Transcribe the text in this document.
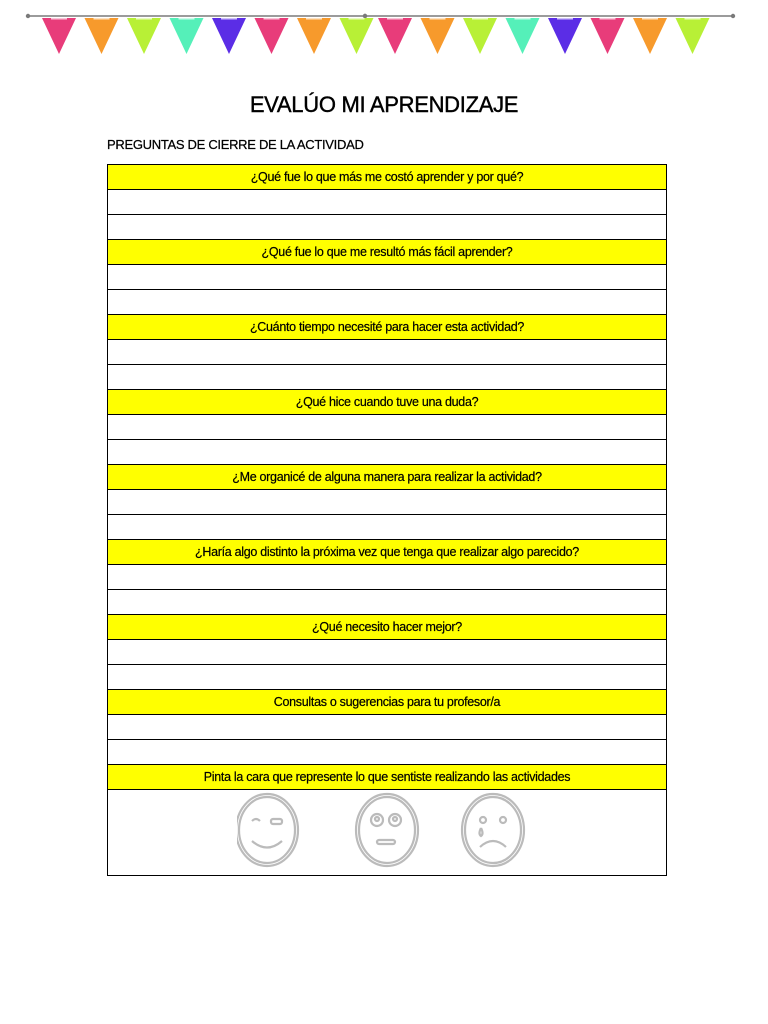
EVALÚO MI APRENDIZAJE

PREGUNTAS DE CIERRE DE LA ACTIVIDAD

¿Qué fue lo que más me costó aprender y por qué?

¿Qué fue lo que me resultó más fácil aprender?

¿Cuánto tiempo necesité para hacer esta actividad?

¿Qué hice cuando tuve una duda?

¿Me organicé de alguna manera para realizar la actividad?

¿Haría algo distinto la próxima vez que tenga que realizar algo parecido?

¿Qué necesito hacer mejor?

Consultas o sugerencias para tu profesor/a

Pinta la cara que represente lo que sentiste realizando las actividades
